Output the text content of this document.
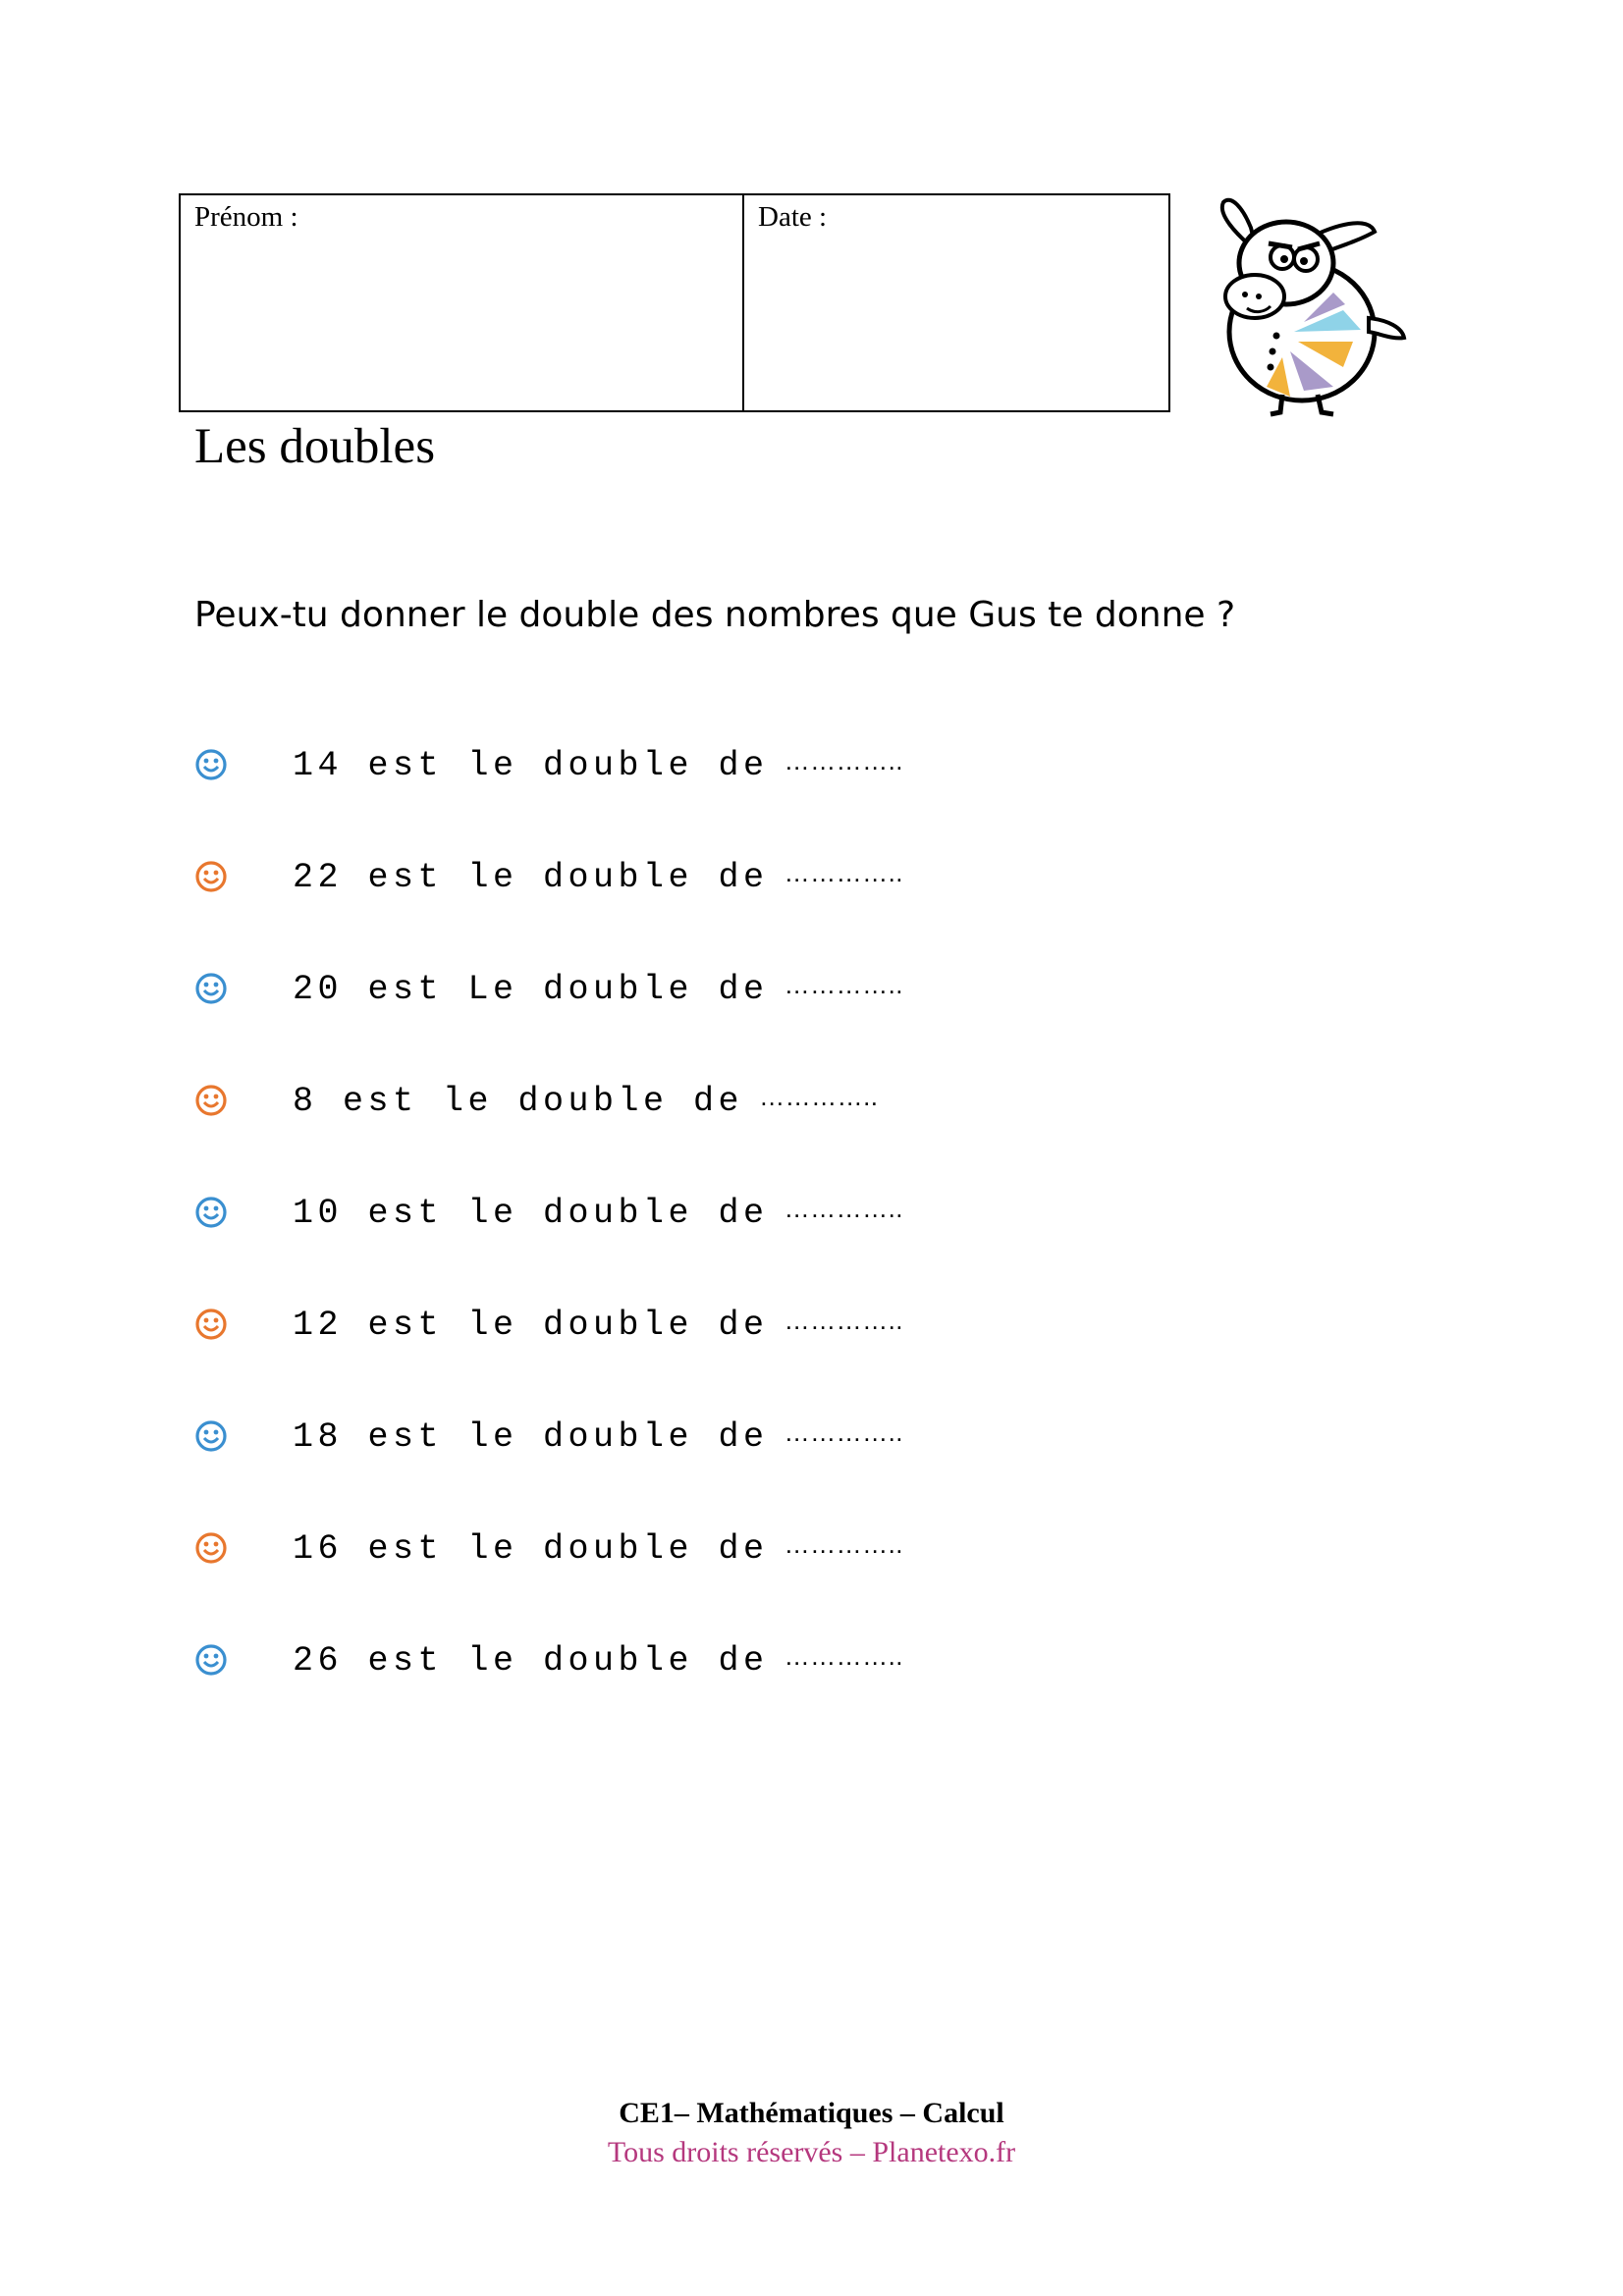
Prénom :	Date :
Les doubles
Peux-tu donner le double des nombres que Gus te donne ?
14 est le double de …………..
22 est le double de …………..
20 est Le double de …………..
8 est le double de …………..
10 est le double de …………..
12 est le double de …………..
18 est le double de …………..
16 est le double de …………..
26 est le double de …………..
CE1– Mathématiques – Calcul
Tous droits réservés – Planetexo.fr
